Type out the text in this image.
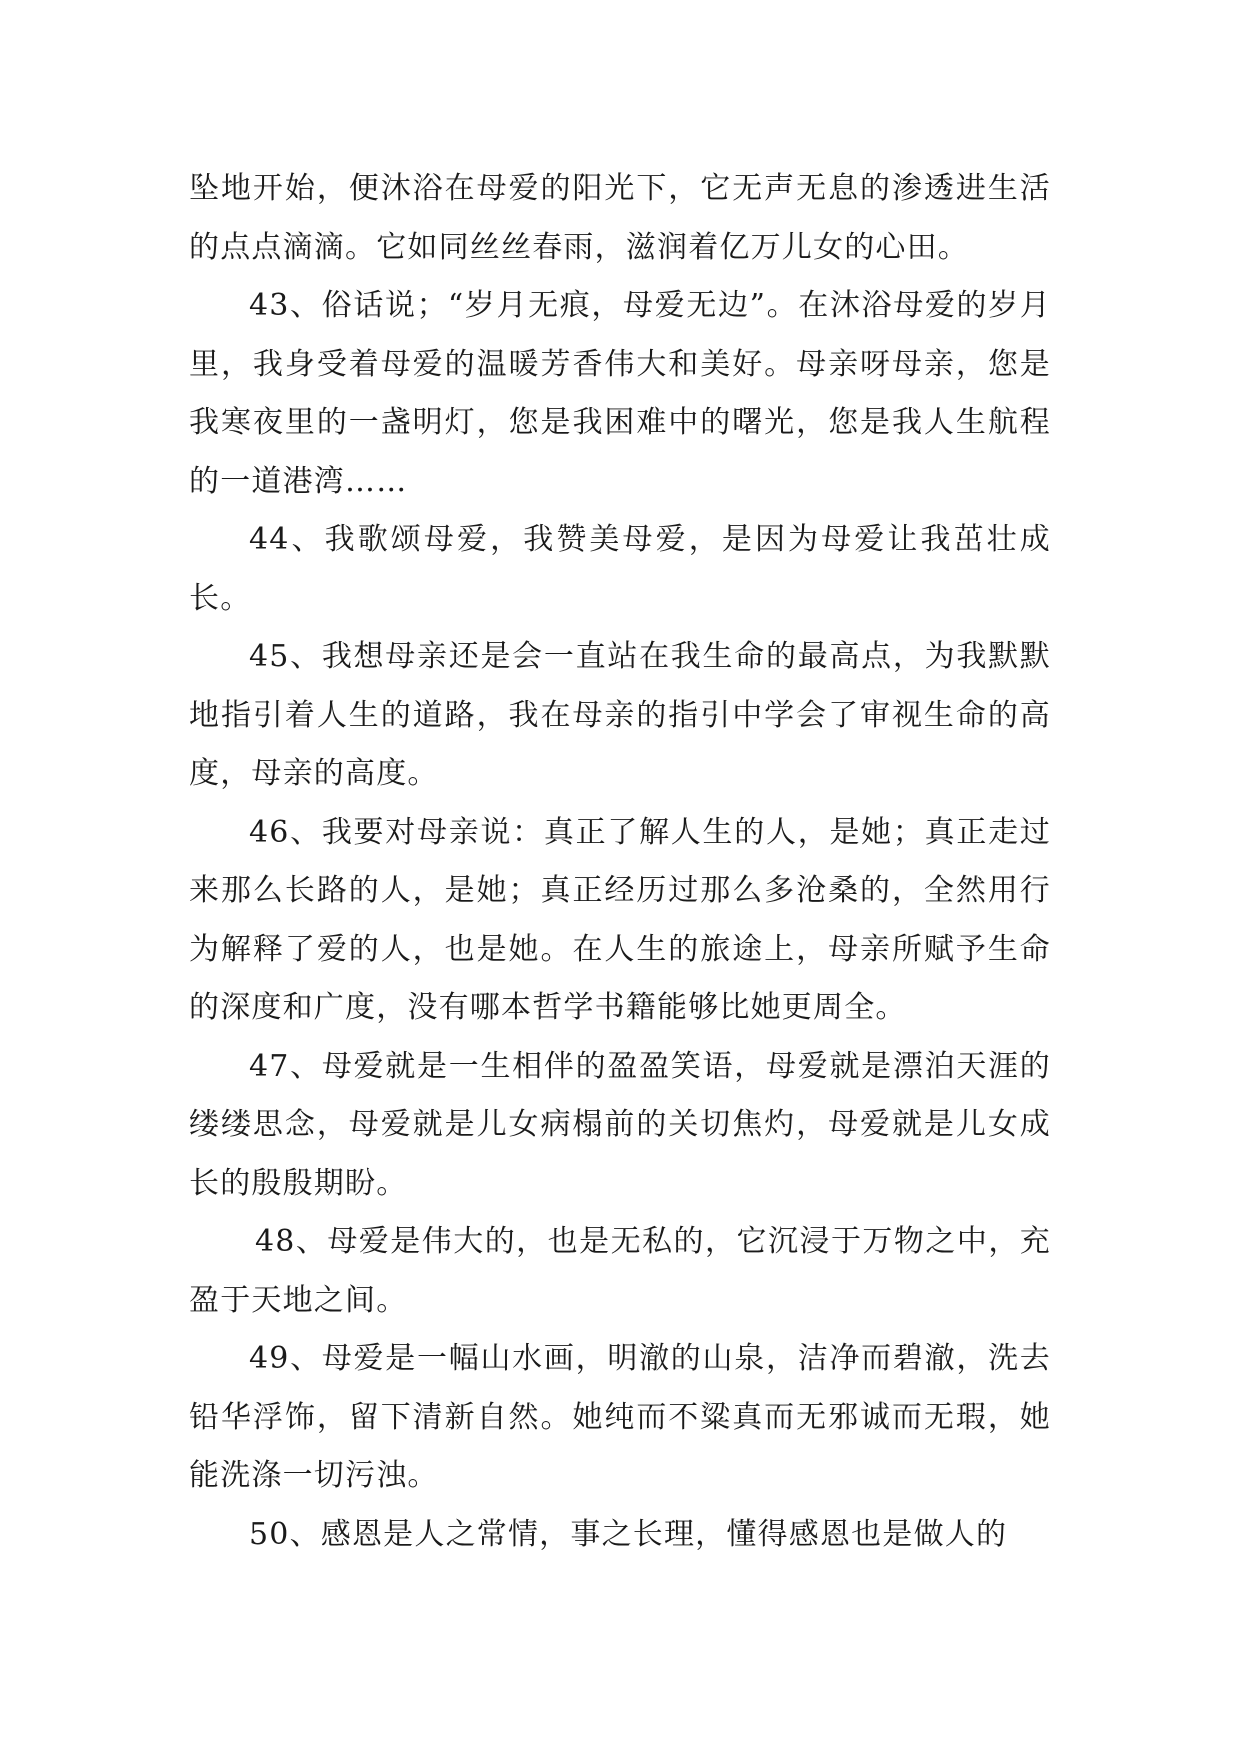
坠地开始，便沐浴在母爱的阳光下，它无声无息的渗透进生活的点点滴滴。它如同丝丝春雨，滋润着亿万儿女的心田。

43、俗话说；“岁月无痕，母爱无边”。在沐浴母爱的岁月里，我身受着母爱的温暖芳香伟大和美好。母亲呀母亲，您是我寒夜里的一盏明灯，您是我困难中的曙光，您是我人生航程的一道港湾……

44、我歌颂母爱，我赞美母爱，是因为母爱让我茁壮成长。

45、我想母亲还是会一直站在我生命的最高点，为我默默地指引着人生的道路，我在母亲的指引中学会了审视生命的高度，母亲的高度。

46、我要对母亲说：真正了解人生的人，是她；真正走过来那么长路的人，是她；真正经历过那么多沧桑的，全然用行为解释了爱的人，也是她。在人生的旅途上，母亲所赋予生命的深度和广度，没有哪本哲学书籍能够比她更周全。

47、母爱就是一生相伴的盈盈笑语，母爱就是漂泊天涯的缕缕思念，母爱就是儿女病榻前的关切焦灼，母爱就是儿女成长的殷殷期盼。

48、母爱是伟大的，也是无私的，它沉浸于万物之中，充盈于天地之间。

49、母爱是一幅山水画，明澈的山泉，洁净而碧澈，洗去铅华浮饰，留下清新自然。她纯而不粱真而无邪诚而无瑕，她能洗涤一切污浊。

50、感恩是人之常情，事之长理，懂得感恩也是做人的
